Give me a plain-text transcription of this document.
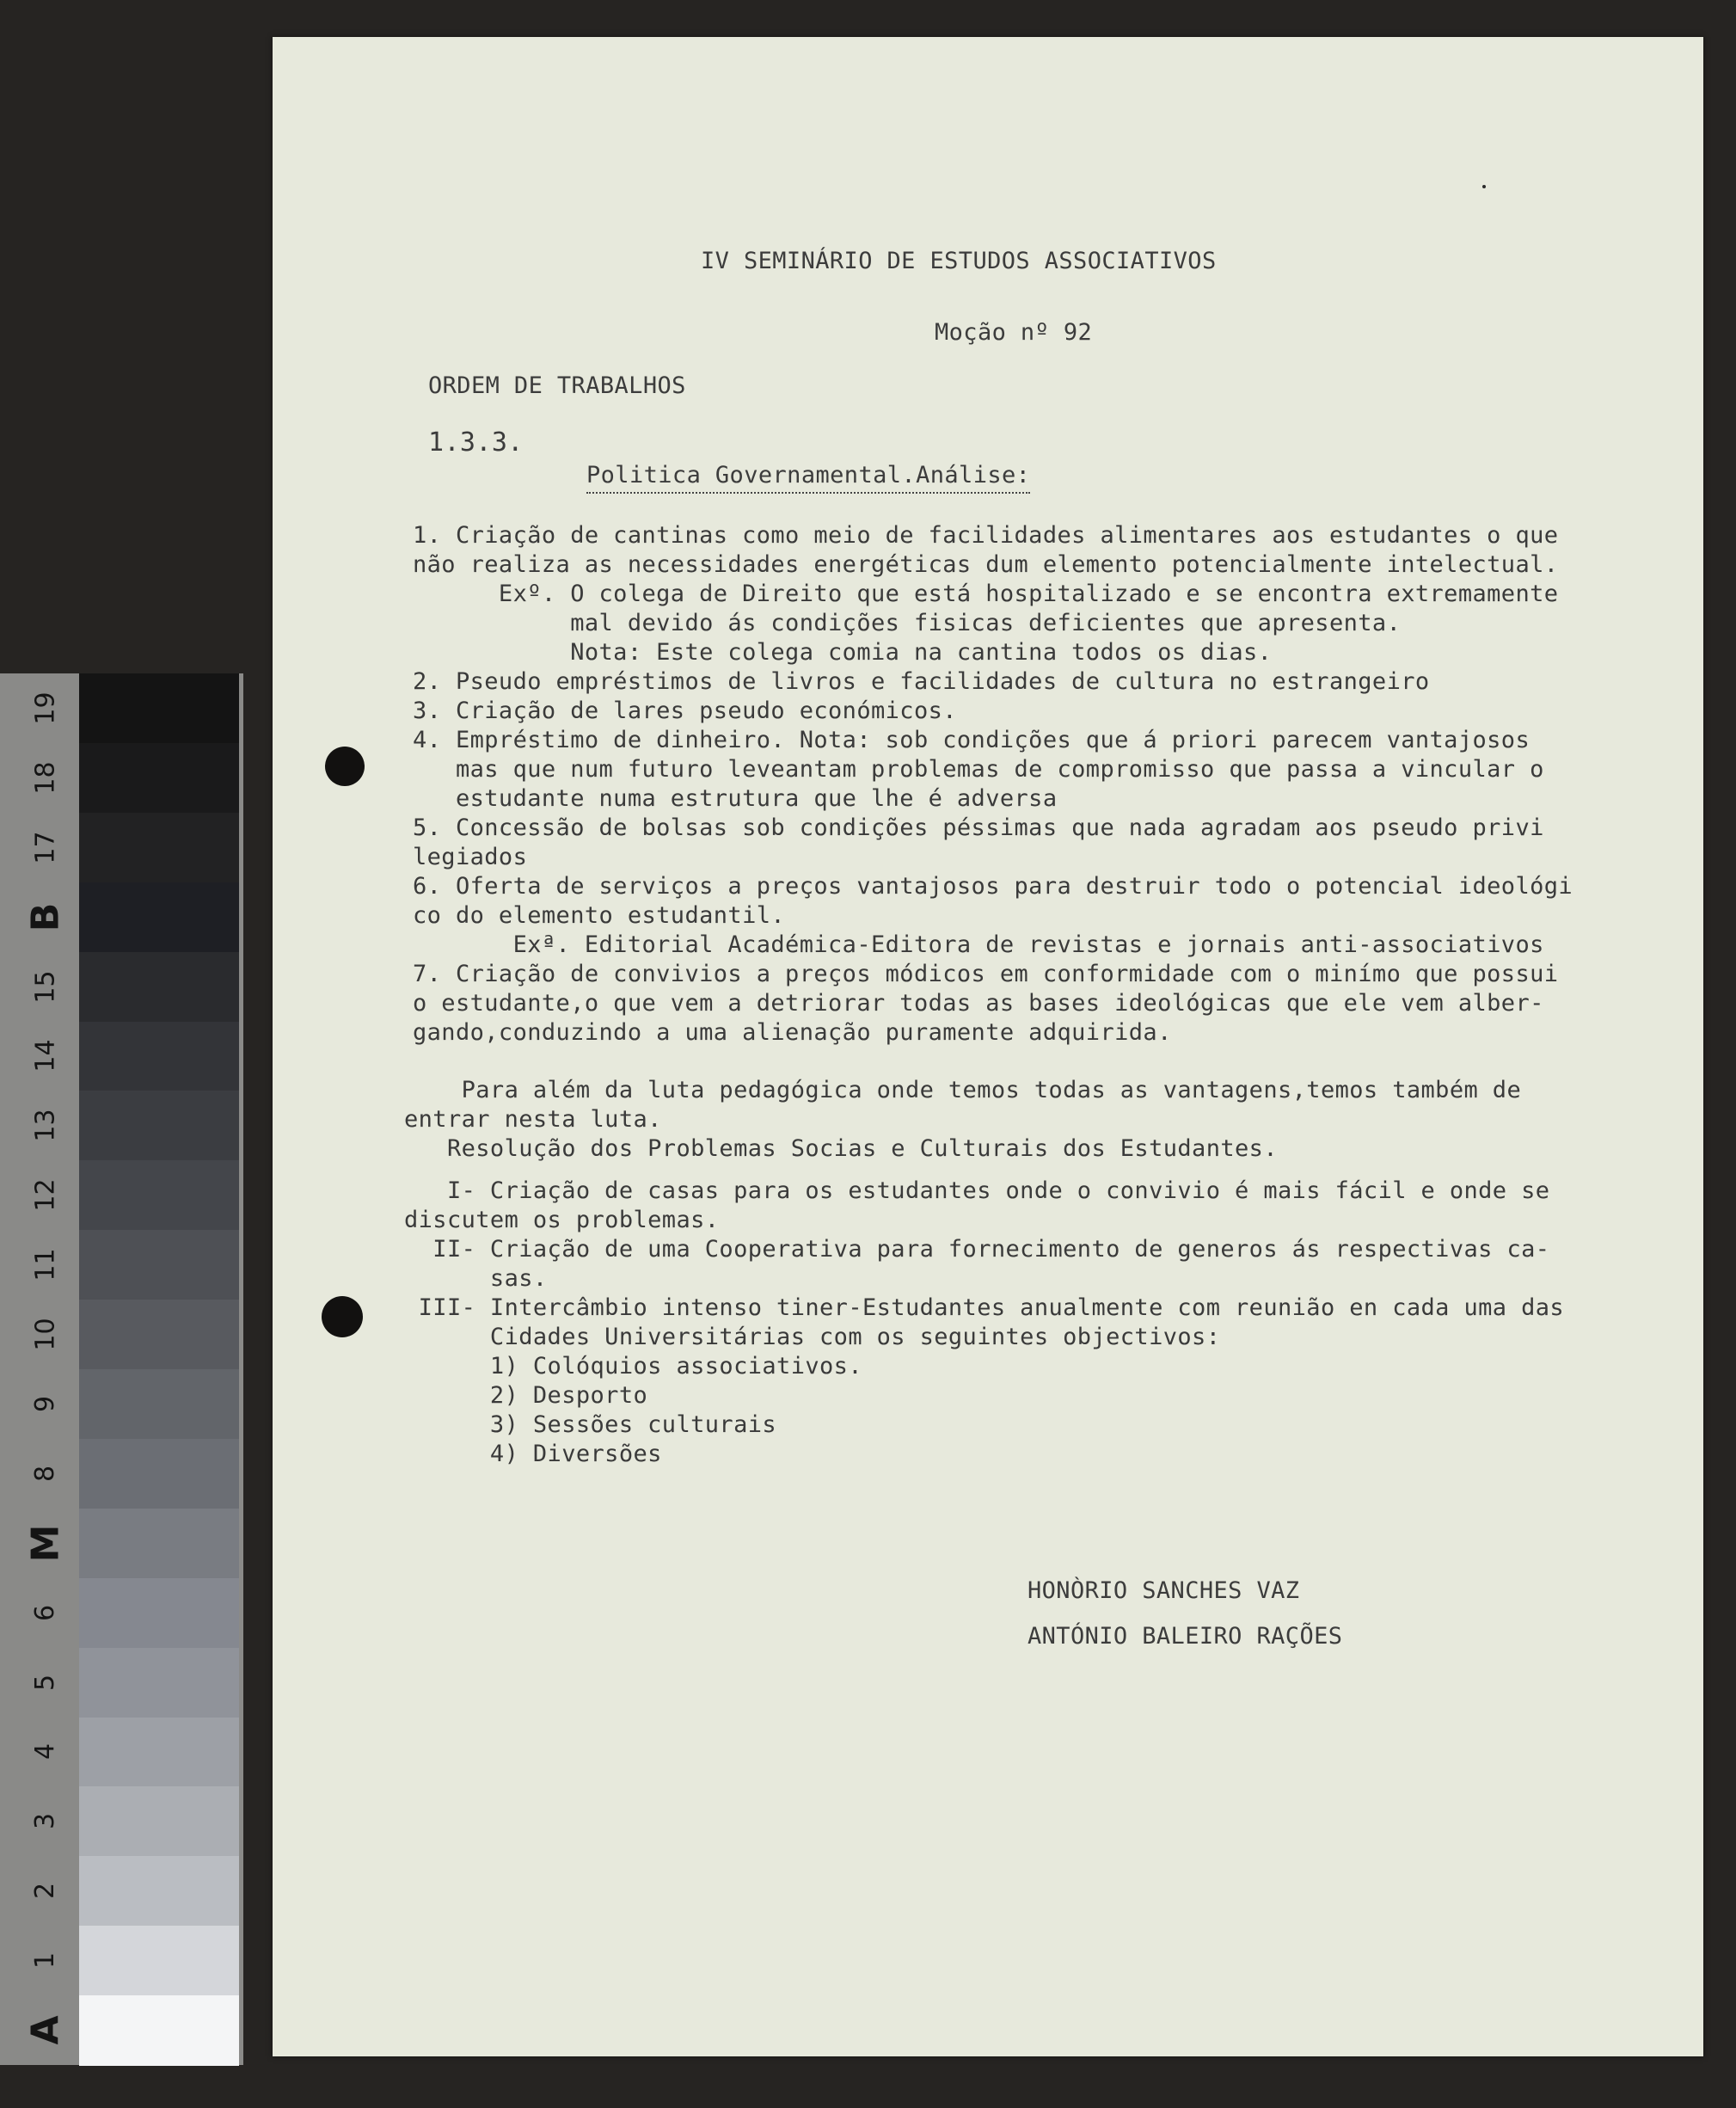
IV SEMINÁRIO DE ESTUDOS ASSOCIATIVOS
Moção nº 92
ORDEM DE TRABALHOS
1.3.3.
Politica Governamental.Análise:
1. Criação de cantinas como meio de facilidades alimentares aos estudantes o que
não realiza as necessidades energéticas dum elemento potencialmente intelectual.
Exº. O colega de Direito que está hospitalizado e se encontra extremamente
mal devido ás condições fisicas deficientes que apresenta.
Nota: Este colega comia na cantina todos os dias.
2. Pseudo empréstimos de livros e facilidades de cultura no estrangeiro
3. Criação de lares pseudo económicos.
4. Empréstimo de dinheiro. Nota: sob condições que á priori parecem vantajosos
mas que num futuro leveantam problemas de compromisso que passa a vincular o
estudante numa estrutura que lhe é adversa
5. Concessão de bolsas sob condições péssimas que nada agradam aos pseudo privi
legiados
6. Oferta de serviços a preços vantajosos para destruir todo o potencial ideológi
co do elemento estudantil.
Exª. Editorial Académica-Editora de revistas e jornais anti-associativos
7. Criação de convivios a preços módicos em conformidade com o minímo que possui
o estudante,o que vem a detriorar todas as bases ideológicas que ele vem alber-
gando,conduzindo a uma alienação puramente adquirida.
Para além da luta pedagógica onde temos todas as vantagens,temos também de
entrar nesta luta.
Resolução dos Problemas Socias e Culturais dos Estudantes.
I- Criação de casas para os estudantes onde o convivio é mais fácil e onde se
discutem os problemas.
II- Criação de uma Cooperativa para fornecimento de generos ás respectivas ca-
sas.
III- Intercâmbio intenso tiner-Estudantes anualmente com reunião en cada uma das
Cidades Universitárias com os seguintes objectivos:
1) Colóquios associativos.
2) Desporto
3) Sessões culturais
4) Diversões
HONÒRIO SANCHES VAZ
ANTÓNIO BALEIRO RAÇÕES
19
18
17
B
15
14
13
12
11
10
9
8
M
6
5
4
3
2
1
A
